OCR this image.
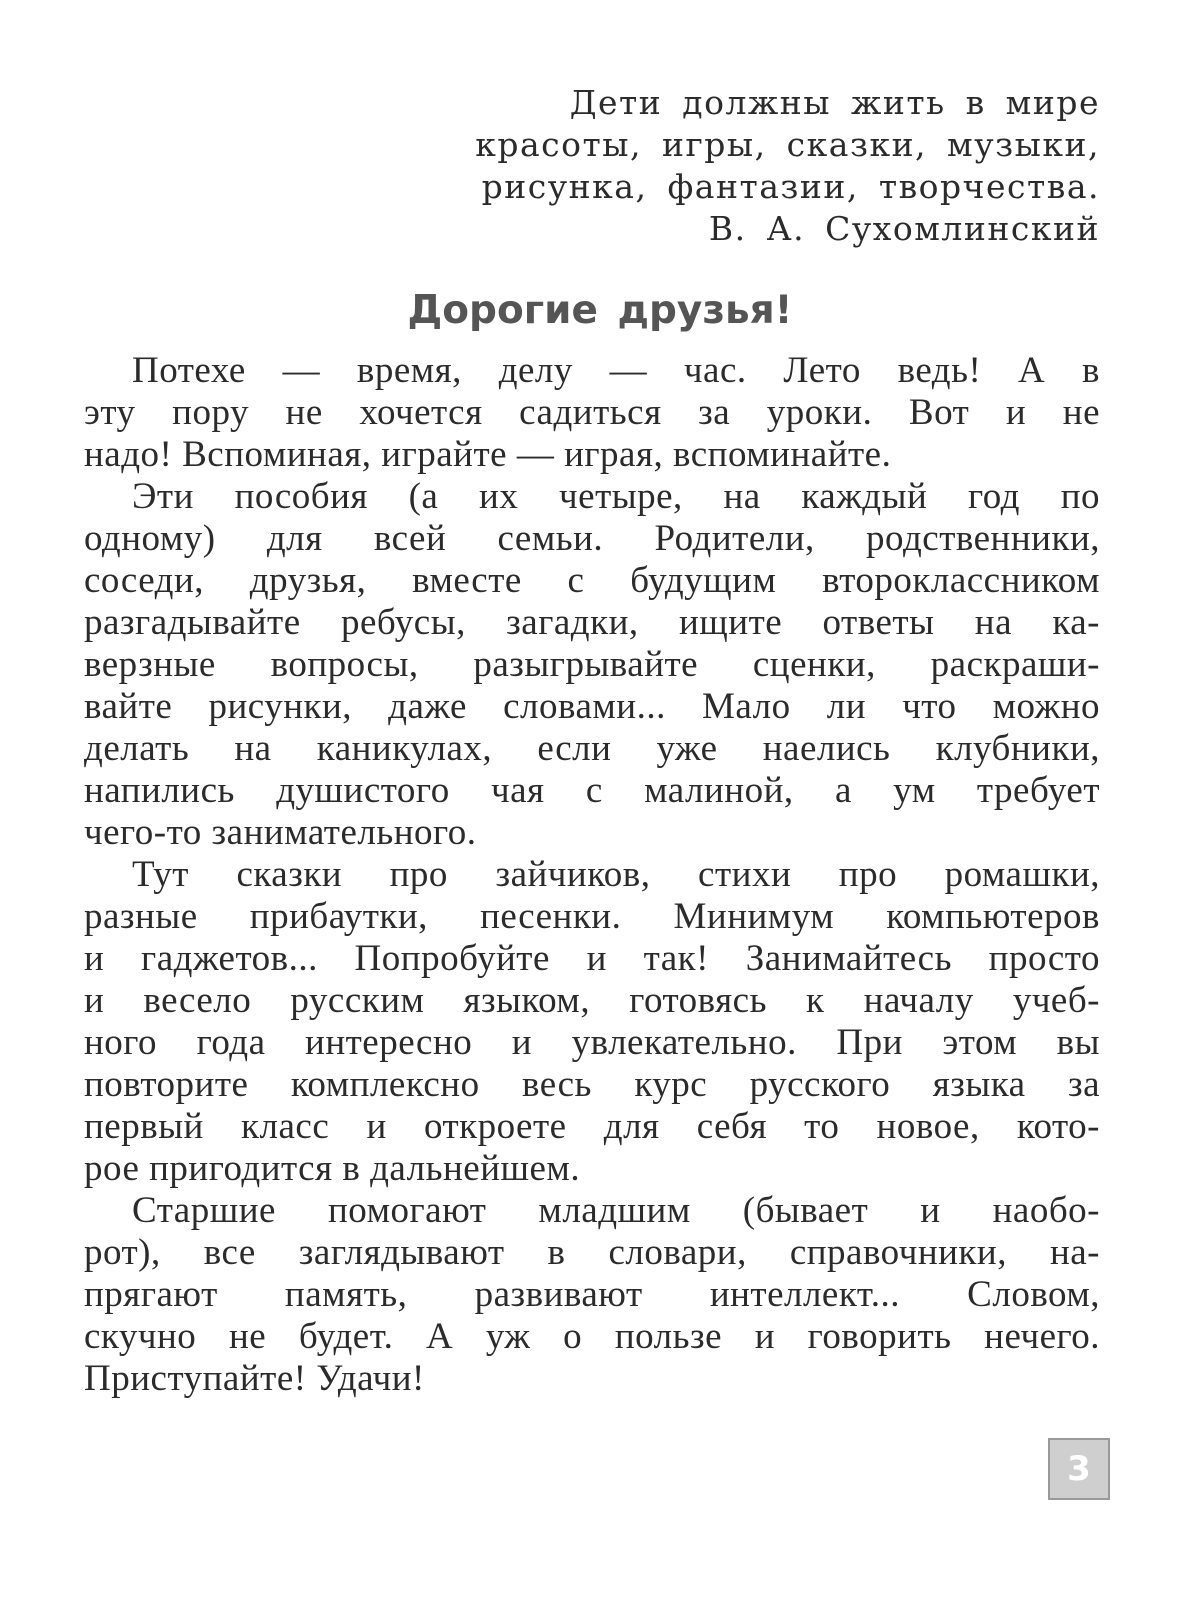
Дети должны жить в мире
красоты, игры, сказки, музыки,
рисунка, фантазии, творчества.
В. А. Сухомлинский
Дорогие друзья!
Потехе — время, делу — час. Лето ведь! А в
эту пору не хочется садиться за уроки. Вот и не
надо! Вспоминая, играйте — играя, вспоминайте.
Эти пособия (а их четыре, на каждый год по
одному) для всей семьи. Родители, родственники,
соседи, друзья, вместе с будущим второклассником
разгадывайте ребусы, загадки, ищите ответы на ка-
верзные вопросы, разыгрывайте сценки, раскраши-
вайте рисунки, даже словами... Мало ли что можно
делать на каникулах, если уже наелись клубники,
напились душистого чая с малиной, а ум требует
чего-то занимательного.
Тут сказки про зайчиков, стихи про ромашки,
разные прибаутки, песенки. Минимум компьютеров
и гаджетов... Попробуйте и так! Занимайтесь просто
и весело русским языком, готовясь к началу учеб-
ного года интересно и увлекательно. При этом вы
повторите комплексно весь курс русского языка за
первый класс и откроете для себя то новое, кото-
рое пригодится в дальнейшем.
Старшие помогают младшим (бывает и наобо-
рот), все заглядывают в словари, справочники, на-
прягают память, развивают интеллект... Словом,
скучно не будет. А уж о пользе и говорить нечего.
Приступайте! Удачи!
3
